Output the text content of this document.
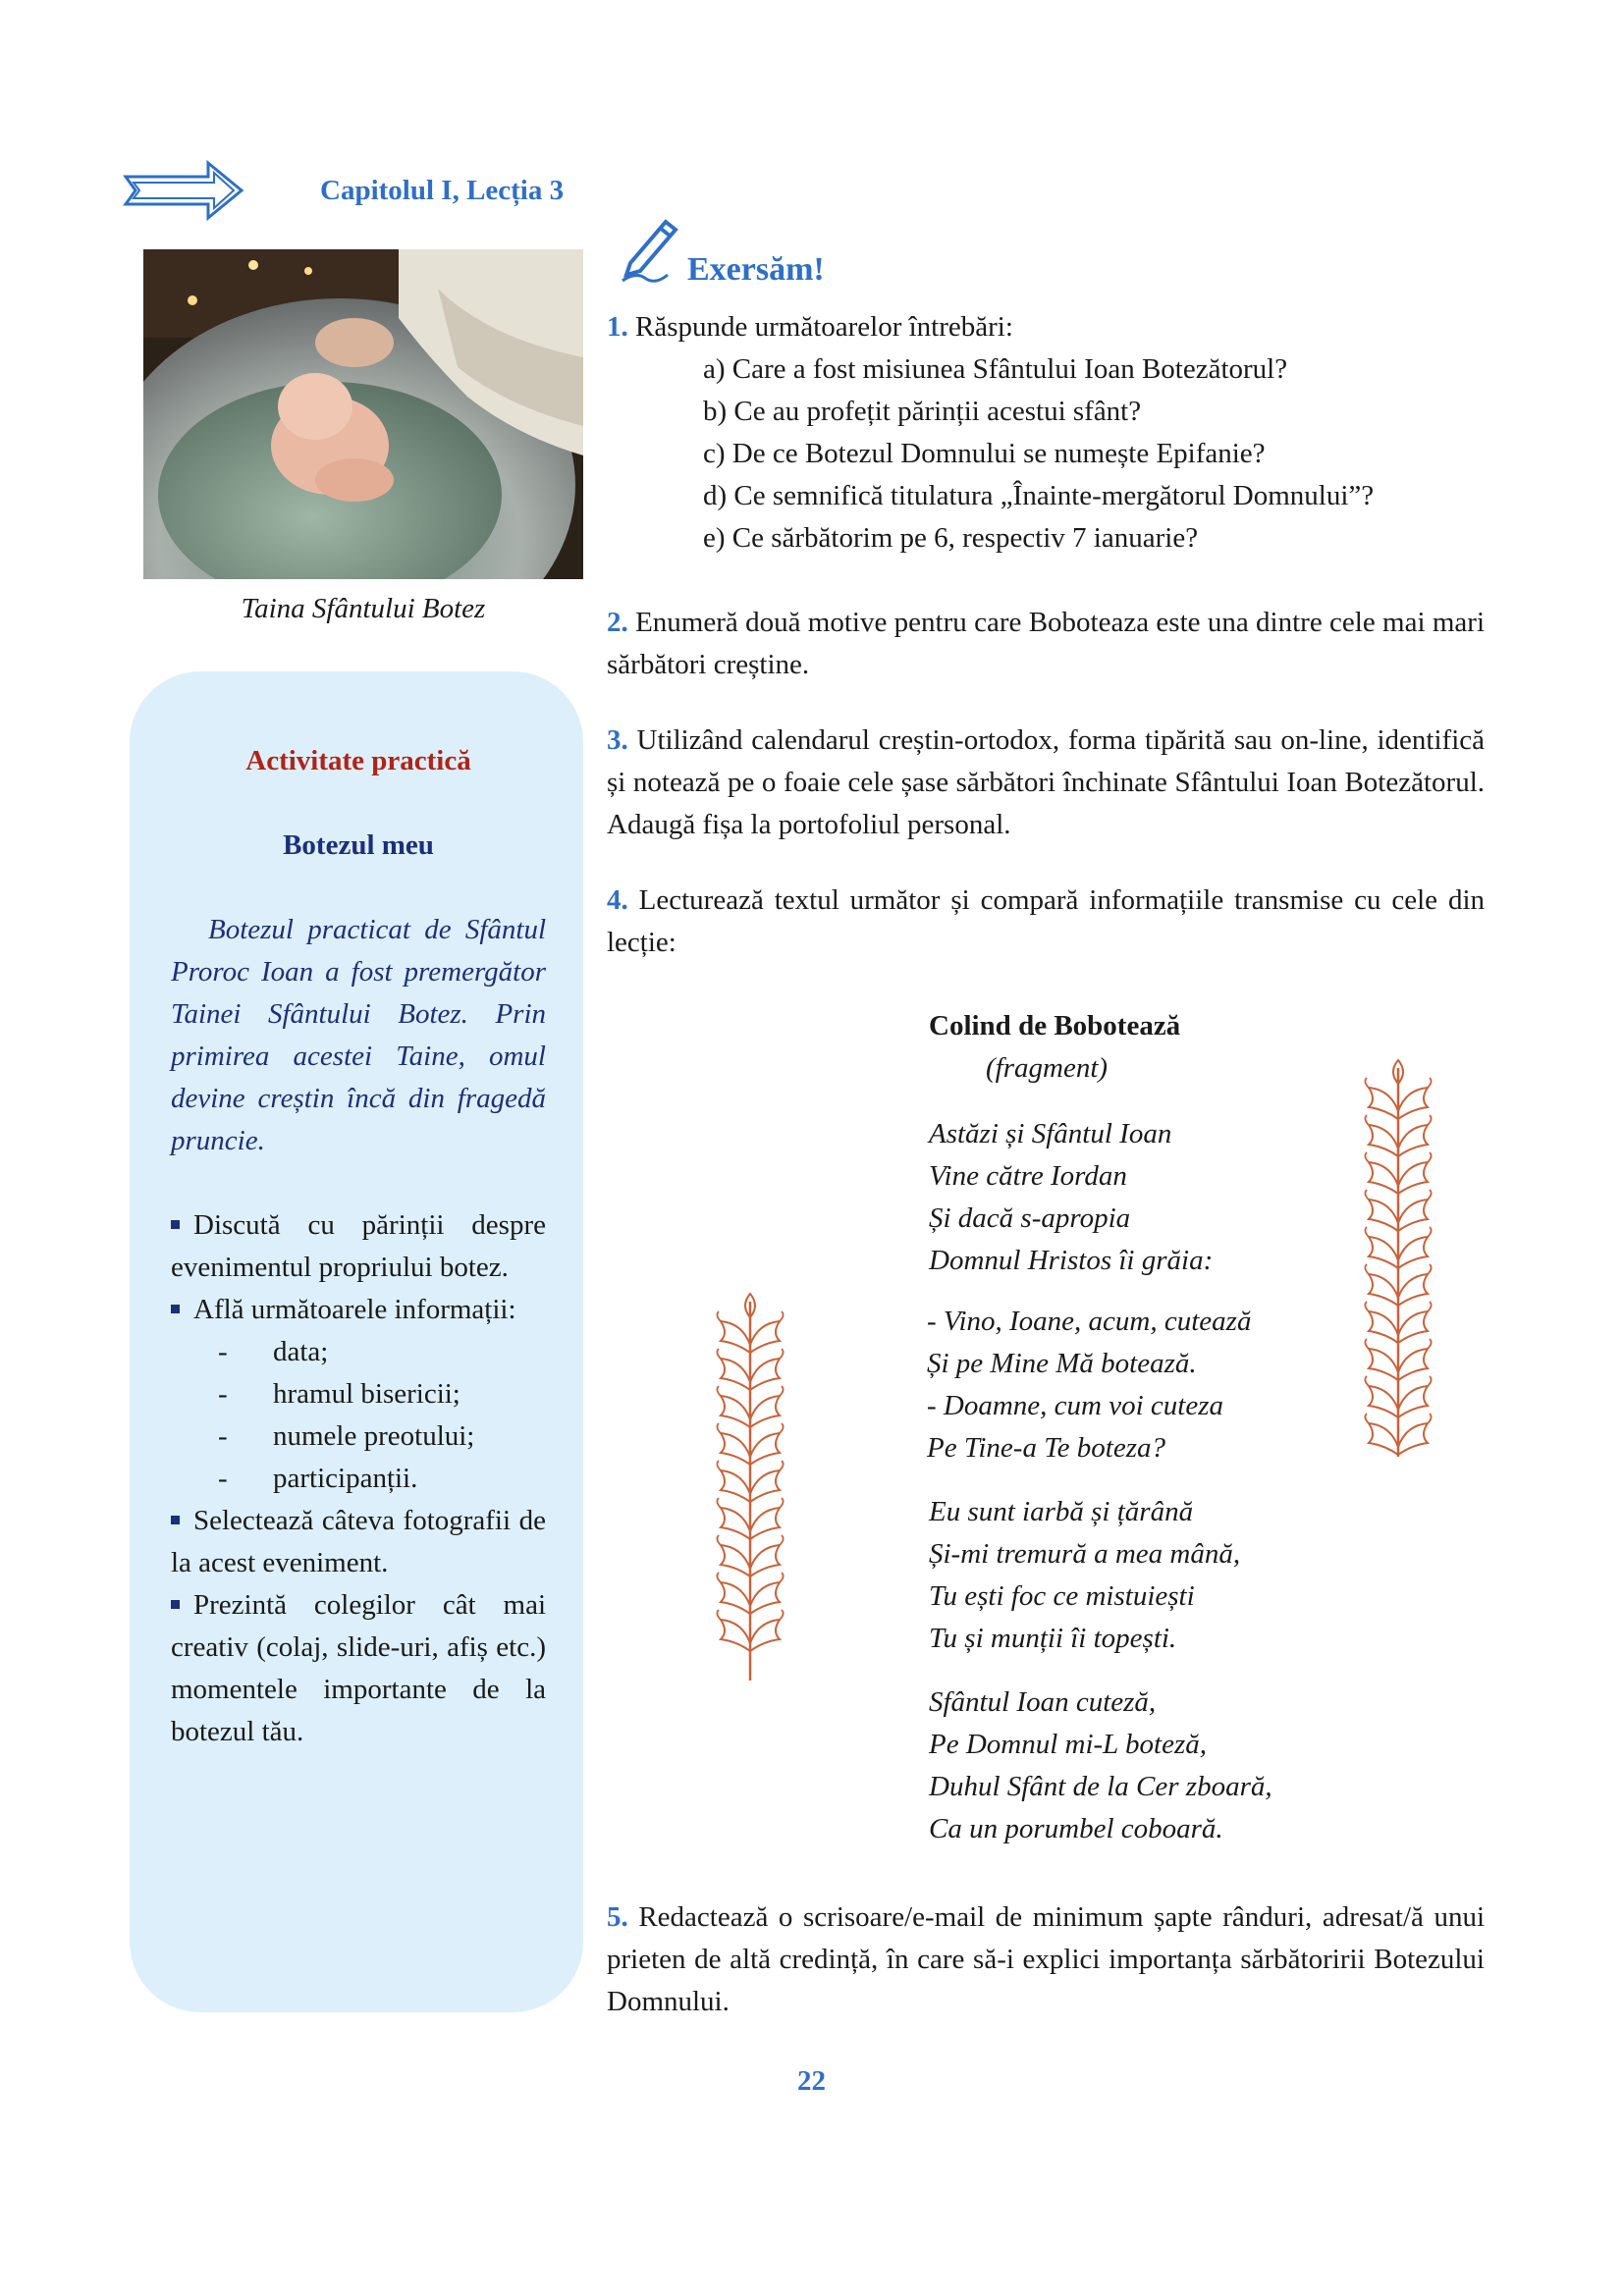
Capitolul I, Lecția 3
Taina Sfântului Botez
Activitate practică
Botezul meu
Botezul practicat de Sfântul Proroc Ioan a fost premergător Tainei Sfântului Botez. Prin primirea acestei Taine, omul devine creștin încă din fragedă pruncie.
Discută cu părinții despre evenimentul propriului botez.
Află următoarele informații:
- data;
- hramul bisericii;
- numele preotului;
- participanții.
Selectează câteva fotografii de la acest eveniment.
Prezintă colegilor cât mai creativ (colaj, slide-uri, afiș etc.) momentele importante de la botezul tău.
Exersăm!
1. Răspunde următoarelor întrebări:
a) Care a fost misiunea Sfântului Ioan Botezătorul?
b) Ce au profețit părinții acestui sfânt?
c) De ce Botezul Domnului se numește Epifanie?
d) Ce semnifică titulatura „Înainte-mergătorul Domnului”?
e) Ce sărbătorim pe 6, respectiv 7 ianuarie?
2. Enumeră două motive pentru care Boboteaza este una dintre cele mai mari sărbători creștine.
3. Utilizând calendarul creștin-ortodox, forma tipărită sau on-line, identifică și notează pe o foaie cele șase sărbători închinate Sfântului Ioan Botezătorul. Adaugă fișa la portofoliul personal.
4. Lecturează textul următor și compară informațiile transmise cu cele din lecție:
Colind de Bobotează
(fragment)
Astăzi și Sfântul Ioan
Vine către Iordan
Și dacă s-apropia
Domnul Hristos îi grăia:
- Vino, Ioane, acum, cutează
Și pe Mine Mă botează.
- Doamne, cum voi cuteza
Pe Tine-a Te boteza?
Eu sunt iarbă și țărână
Și-mi tremură a mea mână,
Tu ești foc ce mistuiești
Tu și munții îi topești.
Sfântul Ioan cuteză,
Pe Domnul mi-L boteză,
Duhul Sfânt de la Cer zboară,
Ca un porumbel coboară.
5. Redactează o scrisoare/e-mail de minimum șapte rânduri, adresat/ă unui prieten de altă credință, în care să-i explici importanța sărbătoririi Botezului Domnului.
22
